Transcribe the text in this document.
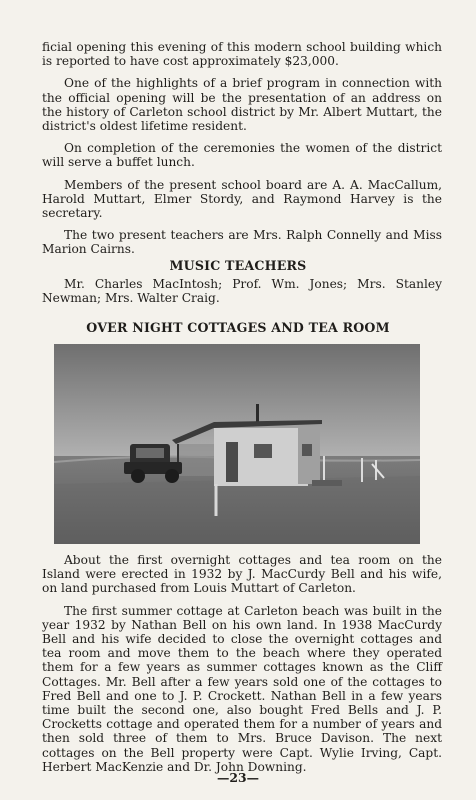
ficial opening this evening of this modern school building which is reported to have cost approximately $23,000.

One of the highlights of a brief program in connection with the official opening will be the presentation of an address on the history of Carleton school district by Mr. Albert Muttart, the district's oldest lifetime resident.

On completion of the ceremonies the women of the district will serve a buffet lunch.

Members of the present school board are A. A. MacCallum, Harold Muttart, Elmer Stordy, and Raymond Harvey is the secretary.

The two present teachers are Mrs. Ralph Connelly and Miss Marion Cairns.

MUSIC TEACHERS

Mr. Charles MacIntosh; Prof. Wm. Jones; Mrs. Stanley Newman; Mrs. Walter Craig.

OVER NIGHT COTTAGES AND TEA ROOM

About the first overnight cottages and tea room on the Island were erected in 1932 by J. MacCurdy Bell and his wife, on land purchased from Louis Muttart of Carleton.

The first summer cottage at Carleton beach was built in the year 1932 by Nathan Bell on his own land. In 1938 MacCurdy Bell and his wife decided to close the overnight cottages and tea room and move them to the beach where they operated them for a few years as summer cottages known as the Cliff Cottages. Mr. Bell after a few years sold one of the cottages to Fred Bell and one to J. P. Crockett. Nathan Bell in a few years time built the second one, also bought Fred Bells and J. P. Crocketts cottage and operated them for a number of years and then sold three of them to Mrs. Bruce Davison. The next cottages on the Bell property were Capt. Wylie Irving, Capt. Herbert MacKenzie and Dr. John Downing.

—23—
